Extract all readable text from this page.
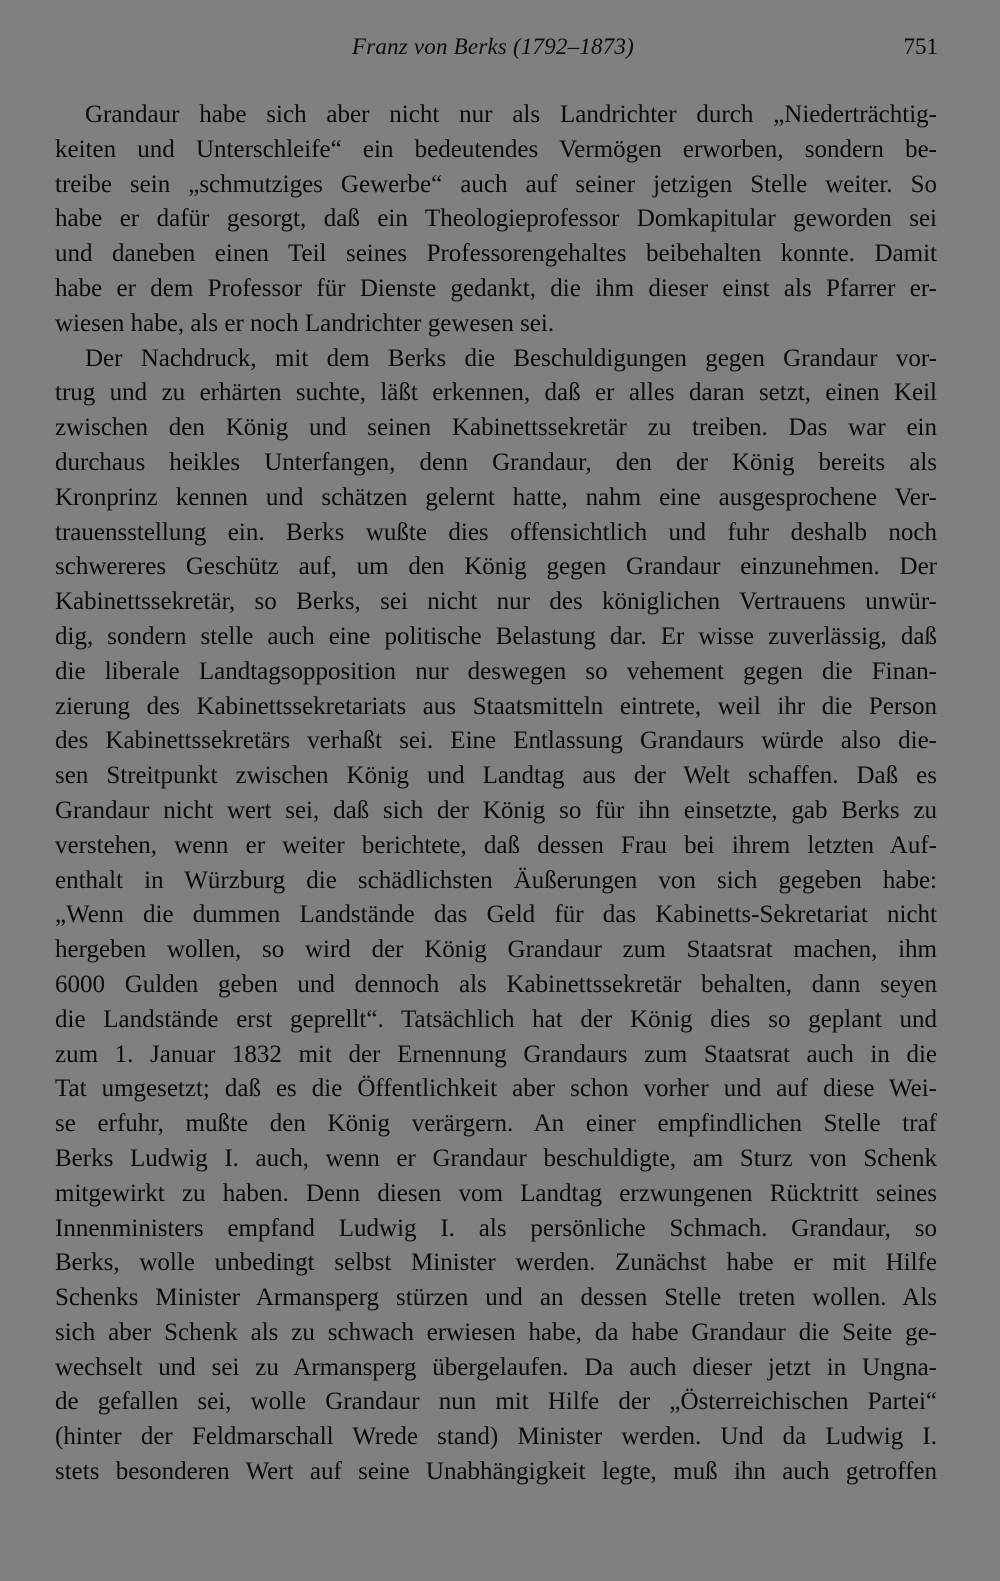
Franz von Berks (1792–1873)	751
Grandaur habe sich aber nicht nur als Landrichter durch „Niederträchtig-
keiten und Unterschleife“ ein bedeutendes Vermögen erworben, sondern be-
treibe sein „schmutziges Gewerbe“ auch auf seiner jetzigen Stelle weiter. So
habe er dafür gesorgt, daß ein Theologieprofessor Domkapitular geworden sei
und daneben einen Teil seines Professorengehaltes beibehalten konnte. Damit
habe er dem Professor für Dienste gedankt, die ihm dieser einst als Pfarrer er-
wiesen habe, als er noch Landrichter gewesen sei.
Der Nachdruck, mit dem Berks die Beschuldigungen gegen Grandaur vor-
trug und zu erhärten suchte, läßt erkennen, daß er alles daran setzt, einen Keil
zwischen den König und seinen Kabinettssekretär zu treiben. Das war ein
durchaus heikles Unterfangen, denn Grandaur, den der König bereits als
Kronprinz kennen und schätzen gelernt hatte, nahm eine ausgesprochene Ver-
trauensstellung ein. Berks wußte dies offensichtlich und fuhr deshalb noch
schwereres Geschütz auf, um den König gegen Grandaur einzunehmen. Der
Kabinettssekretär, so Berks, sei nicht nur des königlichen Vertrauens unwür-
dig, sondern stelle auch eine politische Belastung dar. Er wisse zuverlässig, daß
die liberale Landtagsopposition nur deswegen so vehement gegen die Finan-
zierung des Kabinettssekretariats aus Staatsmitteln eintrete, weil ihr die Person
des Kabinettssekretärs verhaßt sei. Eine Entlassung Grandaurs würde also die-
sen Streitpunkt zwischen König und Landtag aus der Welt schaffen. Daß es
Grandaur nicht wert sei, daß sich der König so für ihn einsetzte, gab Berks zu
verstehen, wenn er weiter berichtete, daß dessen Frau bei ihrem letzten Auf-
enthalt in Würzburg die schädlichsten Äußerungen von sich gegeben habe:
„Wenn die dummen Landstände das Geld für das Kabinetts-Sekretariat nicht
hergeben wollen, so wird der König Grandaur zum Staatsrat machen, ihm
6000 Gulden geben und dennoch als Kabinettssekretär behalten, dann seyen
die Landstände erst geprellt“. Tatsächlich hat der König dies so geplant und
zum 1. Januar 1832 mit der Ernennung Grandaurs zum Staatsrat auch in die
Tat umgesetzt; daß es die Öffentlichkeit aber schon vorher und auf diese Wei-
se erfuhr, mußte den König verärgern. An einer empfindlichen Stelle traf
Berks Ludwig I. auch, wenn er Grandaur beschuldigte, am Sturz von Schenk
mitgewirkt zu haben. Denn diesen vom Landtag erzwungenen Rücktritt seines
Innenministers empfand Ludwig I. als persönliche Schmach. Grandaur, so
Berks, wolle unbedingt selbst Minister werden. Zunächst habe er mit Hilfe
Schenks Minister Armansperg stürzen und an dessen Stelle treten wollen. Als
sich aber Schenk als zu schwach erwiesen habe, da habe Grandaur die Seite ge-
wechselt und sei zu Armansperg übergelaufen. Da auch dieser jetzt in Ungna-
de gefallen sei, wolle Grandaur nun mit Hilfe der „Österreichischen Partei“
(hinter der Feldmarschall Wrede stand) Minister werden. Und da Ludwig I.
stets besonderen Wert auf seine Unabhängigkeit legte, muß ihn auch getroffen
